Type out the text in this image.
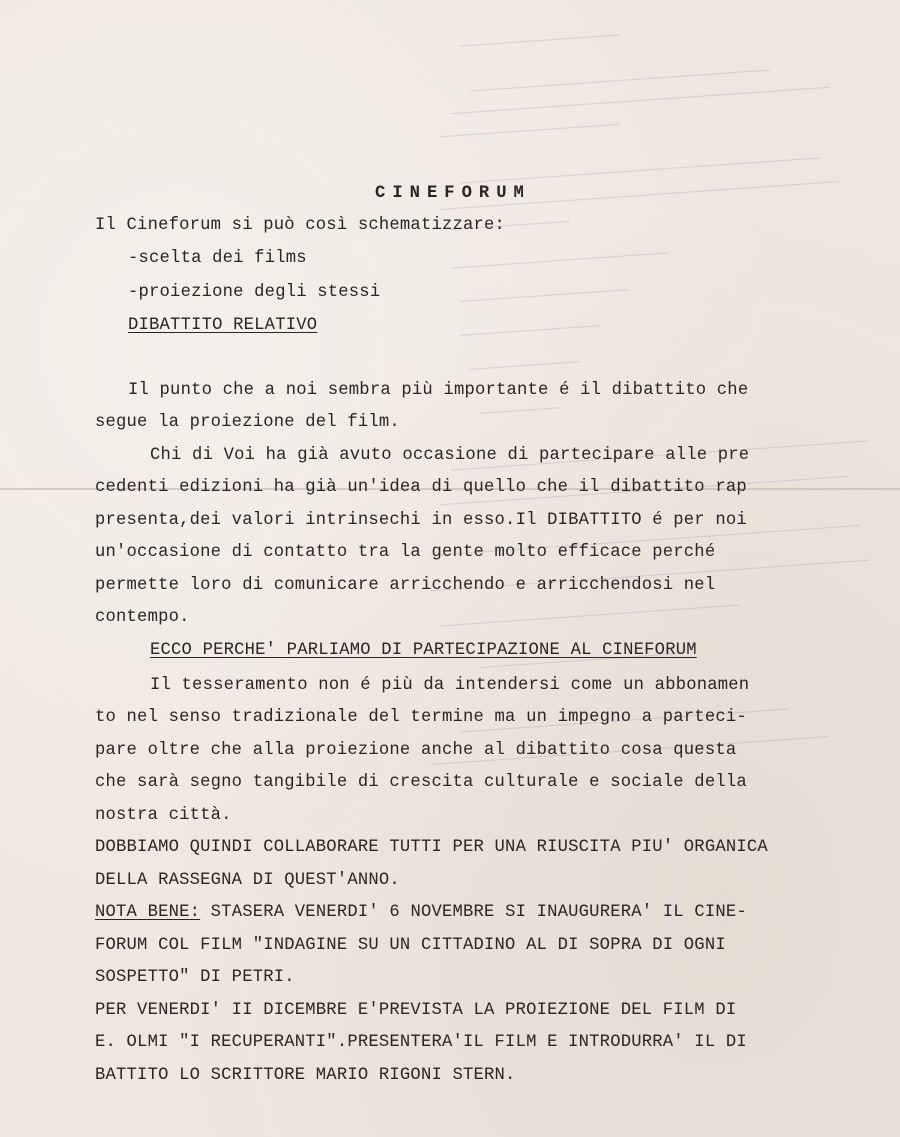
CINEFORUM
Il Cineforum si può così schematizzare:
-scelta dei films
-proiezione degli stessi
DIBATTITO RELATIVO
Il punto che a noi sembra più importante é il dibattito che
segue la proiezione del film.
Chi di Voi ha già avuto occasione di partecipare alle pre
cedenti edizioni ha già un'idea di quello che il dibattito rap
presenta,dei valori intrinsechi in esso.Il DIBATTITO é per noi
un'occasione di contatto tra la gente molto efficace perché
permette loro di comunicare arricchendo e arricchendosi nel
contempo.
ECCO PERCHE' PARLIAMO DI PARTECIPAZIONE AL CINEFORUM
Il tesseramento non é più da intendersi come un abbonamen
to nel senso tradizionale del termine ma un impegno a parteci-
pare oltre che alla proiezione anche al dibattito cosa questa
che sarà segno tangibile di crescita culturale e sociale della
nostra città.
DOBBIAMO QUINDI COLLABORARE TUTTI PER UNA RIUSCITA PIU' ORGANICA
DELLA RASSEGNA DI QUEST'ANNO.
NOTA BENE: STASERA VENERDI' 6 NOVEMBRE SI INAUGURERA' IL CINE-
FORUM COL FILM "INDAGINE SU UN CITTADINO AL DI SOPRA DI OGNI
SOSPETTO" DI PETRI.
PER VENERDI' II DICEMBRE E'PREVISTA LA PROIEZIONE DEL FILM DI
E. OLMI "I RECUPERANTI".PRESENTERA'IL FILM E INTRODURRA' IL DI
BATTITO LO SCRITTORE MARIO RIGONI STERN.
